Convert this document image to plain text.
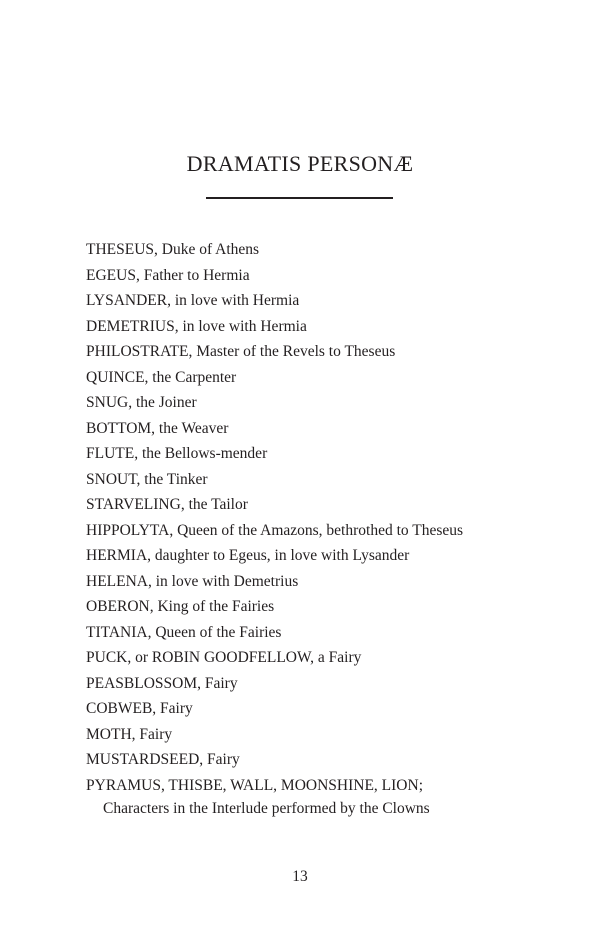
DRAMATIS PERSONÆ
THESEUS, Duke of Athens
EGEUS, Father to Hermia
LYSANDER, in love with Hermia
DEMETRIUS, in love with Hermia
PHILOSTRATE, Master of the Revels to Theseus
QUINCE, the Carpenter
SNUG, the Joiner
BOTTOM, the Weaver
FLUTE, the Bellows-mender
SNOUT, the Tinker
STARVELING, the Tailor
HIPPOLYTA, Queen of the Amazons, bethrothed to Theseus
HERMIA, daughter to Egeus, in love with Lysander
HELENA, in love with Demetrius
OBERON, King of the Fairies
TITANIA, Queen of the Fairies
PUCK, or ROBIN GOODFELLOW, a Fairy
PEASBLOSSOM, Fairy
COBWEB, Fairy
MOTH, Fairy
MUSTARDSEED, Fairy
PYRAMUS, THISBE, WALL, MOONSHINE, LION;
Characters in the Interlude performed by the Clowns
13
